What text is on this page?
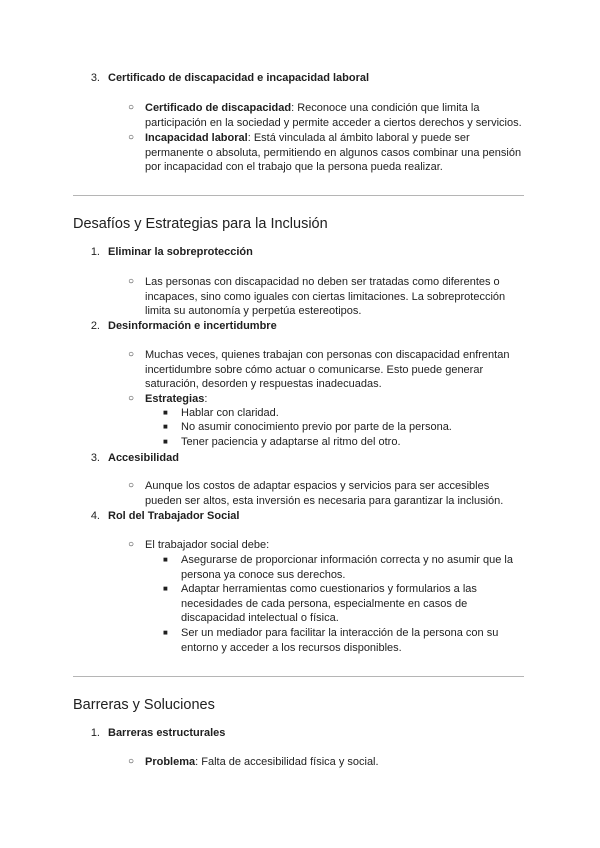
3. Certificado de discapacidad e incapacidad laboral
○ Certificado de discapacidad: Reconoce una condición que limita la participación en la sociedad y permite acceder a ciertos derechos y servicios.
○ Incapacidad laboral: Está vinculada al ámbito laboral y puede ser permanente o absoluta, permitiendo en algunos casos combinar una pensión por incapacidad con el trabajo que la persona pueda realizar.
Desafíos y Estrategias para la Inclusión
1. Eliminar la sobreprotección
○ Las personas con discapacidad no deben ser tratadas como diferentes o incapaces, sino como iguales con ciertas limitaciones. La sobreprotección limita su autonomía y perpetúa estereotipos.
2. Desinformación e incertidumbre
○ Muchas veces, quienes trabajan con personas con discapacidad enfrentan incertidumbre sobre cómo actuar o comunicarse. Esto puede generar saturación, desorden y respuestas inadecuadas.
○ Estrategias:
■ Hablar con claridad.
■ No asumir conocimiento previo por parte de la persona.
■ Tener paciencia y adaptarse al ritmo del otro.
3. Accesibilidad
○ Aunque los costos de adaptar espacios y servicios para ser accesibles pueden ser altos, esta inversión es necesaria para garantizar la inclusión.
4. Rol del Trabajador Social
○ El trabajador social debe:
■ Asegurarse de proporcionar información correcta y no asumir que la persona ya conoce sus derechos.
■ Adaptar herramientas como cuestionarios y formularios a las necesidades de cada persona, especialmente en casos de discapacidad intelectual o física.
■ Ser un mediador para facilitar la interacción de la persona con su entorno y acceder a los recursos disponibles.
Barreras y Soluciones
1. Barreras estructurales
○ Problema: Falta de accesibilidad física y social.
